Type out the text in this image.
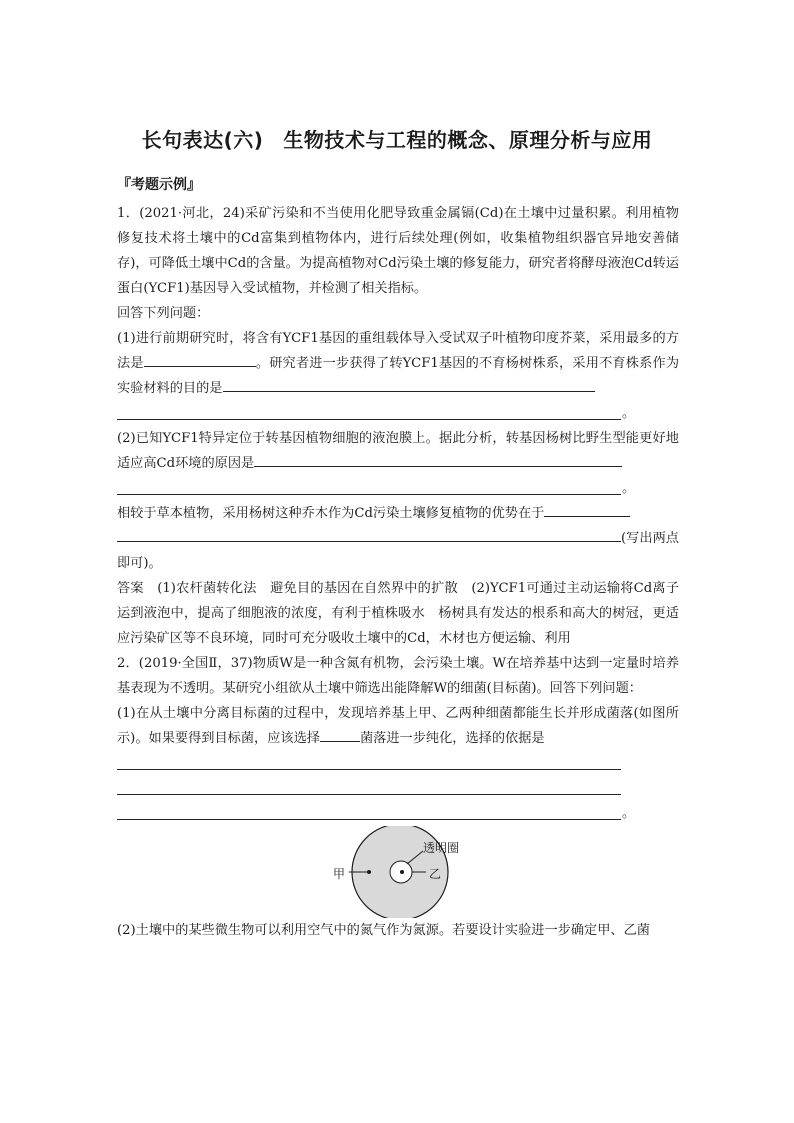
长句表达(六) 生物技术与工程的概念、原理分析与应用
『考题示例』

1．(2021·河北，24)采矿污染和不当使用化肥导致重金属镉(Cd)在土壤中过量积累。利用植物修复技术将土壤中的Cd富集到植物体内，进行后续处理(例如，收集植物组织器官异地安善储存)，可降低土壤中Cd的含量。为提高植物对Cd污染土壤的修复能力，研究者将酵母液泡Cd转运蛋白(YCF1)基因导入受试植物，并检测了相关指标。

回答下列问题：

(1)进行前期研究时，将含有YCF1基因的重组载体导入受试双子叶植物印度芥菜，采用最多的方法是	。研究者进一步获得了转YCF1基因的不育杨树株系，采用不育株系作为实验材料的目的是

。

(2)已知YCF1特异定位于转基因植物细胞的液泡膜上。据此分析，转基因杨树比野生型能更好地适应高Cd环境的原因是

。

相较于草本植物，采用杨树这种乔木作为Cd污染土壤修复植物的优势在于

(写出两点即可)。

答案　 (1)农杆菌转化法　避免目的基因在自然界中的扩散　(2)YCF1可通过主动运输将Cd离子运到液泡中，提高了细胞液的浓度，有利于植株吸水　杨树具有发达的根系和高大的树冠，更适应污染矿区等不良环境，同时可充分吸收土壤中的Cd，木材也方便运输、利用

2．(2019·全国Ⅱ，37)物质W是一种含氮有机物，会污染土壤。W在培养基中达到一定量时培养基表现为不透明。某研究小组欲从土壤中筛选出能降解W的细菌(目标菌)。回答下列问题：

(1)在从土壤中分离目标菌的过程中，发现培养基上甲、乙两种细菌都能生长并形成菌落(如图所示)。如果要得到目标菌，应该选择	菌落进一步纯化，选择的依据是

。
甲	乙
透明圈

(2)土壤中的某些微生物可以利用空气中的氮气作为氮源。若要设计实验进一步确定甲、乙菌
